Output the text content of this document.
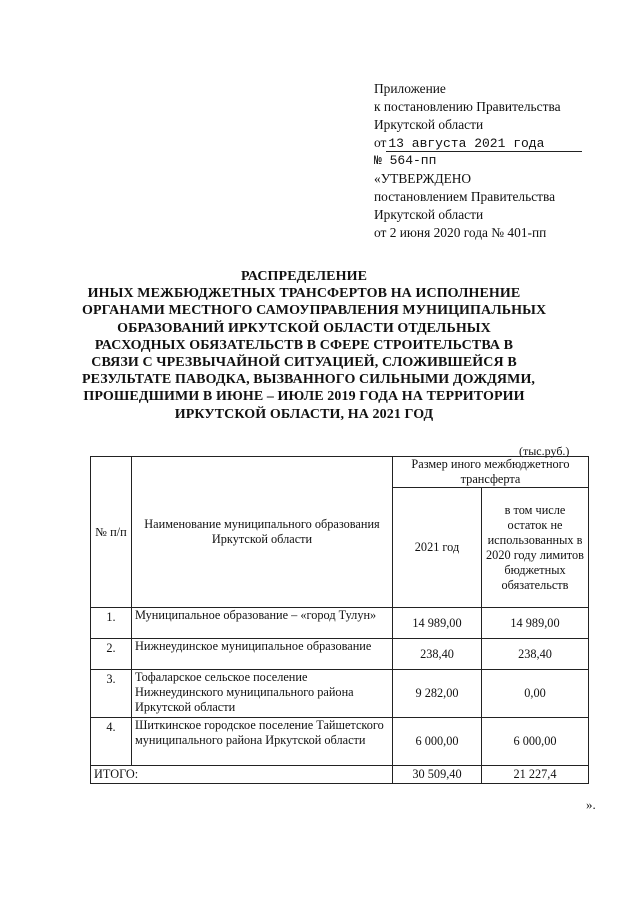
Приложение
к постановлению Правительства
Иркутской области
от 13 августа 2021 года
№ 564-пп
«УТВЕРЖДЕНО
постановлением Правительства
Иркутской области
от 2 июня 2020 года № 401-пп
РАСПРЕДЕЛЕНИЕ
ИНЫХ МЕЖБЮДЖЕТНЫХ ТРАНСФЕРТОВ НА ИСПОЛНЕНИЕ
ОРГАНАМИ МЕСТНОГО САМОУПРАВЛЕНИЯ МУНИЦИПАЛЬНЫХ
ОБРАЗОВАНИЙ ИРКУТСКОЙ ОБЛАСТИ ОТДЕЛЬНЫХ
РАСХОДНЫХ ОБЯЗАТЕЛЬСТВ В СФЕРЕ СТРОИТЕЛЬСТВА В
СВЯЗИ С ЧРЕЗВЫЧАЙНОЙ СИТУАЦИЕЙ, СЛОЖИВШЕЙСЯ В
РЕЗУЛЬТАТЕ ПАВОДКА, ВЫЗВАННОГО СИЛЬНЫМИ ДОЖДЯМИ,
ПРОШЕДШИМИ В ИЮНЕ – ИЮЛЕ 2019 ГОДА НА ТЕРРИТОРИИ
ИРКУТСКОЙ ОБЛАСТИ, НА 2021 ГОД
(тыс.руб.)
№ п/п	Наименование муниципального образования Иркутской области	Размер иного межбюджетного трансферта	
		2021 год	в том числе остаток не использованных в 2020 году лимитов бюджетных обязательств
1.	Муниципальное образование – «город Тулун»	14 989,00	14 989,00
2.	Нижнеудинское муниципальное образование	238,40	238,40
3.	Тофаларское сельское поселение Нижнеудинского муниципального района Иркутской области	9 282,00	0,00
4.	Шиткинское городское поселение Тайшетского муниципального района Иркутской области	6 000,00	6 000,00
ИТОГО:		30 509,40	21 227,4
».
